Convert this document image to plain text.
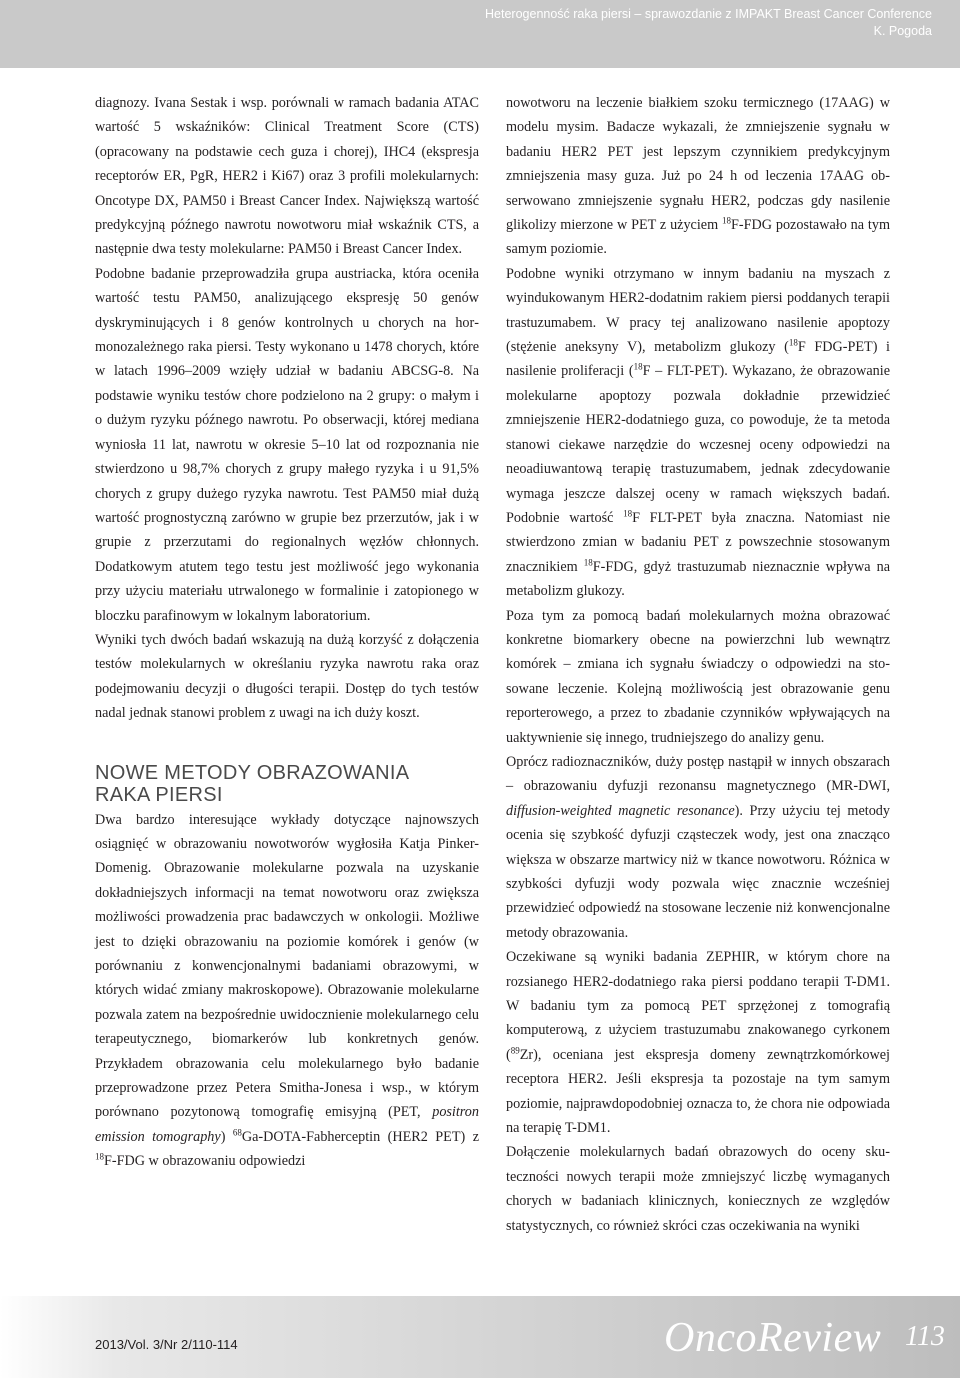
Heterogenność raka piersi – sprawozdanie z IMPAKT Breast Cancer Conference
K. Pogoda

diagnozy. Ivana Sestak i wsp. porównali w ramach badania ATAC wartość 5 wskaźników: Clinical Treatment Score (CTS) (opracowany na podstawie cech guza i chorej), IHC4 (ekspresja receptorów ER, PgR, HER2 i Ki67) oraz 3 profili molekularnych: Oncotype DX, PAM50 i Breast Cancer Index. Największą wartość predykcyjną późnego nawrotu nowotworu miał wskaźnik CTS, a następnie dwa testy molekularne: PAM50 i Breast Cancer Index.

Podobne badanie przeprowadziła grupa austriacka, która oceniła wartość testu PAM50, analizującego ekspresję 50 genów dyskryminujących i 8 genów kontrolnych u chorych na hormonozależnego raka piersi. Testy wykonano u 1478 chorych, które w latach 1996–2009 wzięły udział w badaniu ABCSG-8. Na podstawie wyniku testów chore podzielono na 2 grupy: o małym i o dużym ryzyku późnego nawrotu. Po obserwacji, której mediana wyniosła 11 lat, nawrotu w okresie 5–10 lat od rozpoznania nie stwierdzono u 98,7% chorych z grupy małego ryzyka i u 91,5% chorych z grupy dużego ryzyka nawrotu. Test PAM50 miał dużą wartość prognostyczną zarówno w grupie bez przerzutów, jak i w grupie z przerzutami do regionalnych węzłów chłonnych. Dodatkowym atutem tego testu jest możliwość jego wykonania przy użyciu materiału utrwalonego w formalinie i zatopionego w bloczku parafinowym w lokalnym laboratorium.

Wyniki tych dwóch badań wskazują na dużą korzyść z dołączenia testów molekularnych w określaniu ryzyka nawrotu raka oraz podejmowaniu decyzji o długości terapii. Dostęp do tych testów nadal jednak stanowi problem z uwagi na ich duży koszt.

NOWE METODY OBRAZOWANIA
RAKA PIERSI

Dwa bardzo interesujące wykłady dotyczące najnowszych osiągnięć w obrazowaniu nowotworów wygłosiła Katja Pinker-Domenig. Obrazowanie molekularne pozwala na uzyskanie dokładniejszych informacji na temat nowotworu oraz zwiększa możliwości prowadzenia prac badawczych w onkologii. Możliwe jest to dzięki obrazowaniu na poziomie komórek i genów (w porównaniu z konwencjonalnymi badaniami obrazowymi, w których widać zmiany makroskopowe). Obrazowanie molekularne pozwala zatem na bezpośrednie uwidocznienie molekularnego celu terapeutycznego, biomarkerów lub konkretnych genów. Przykładem obrazowania celu molekularnego było badanie przeprowadzone przez Petera Smitha-Jonesa i wsp., w którym porównano pozytonową tomografię emisyjną (PET, positron emission tomography) $^{68}$Ga-DOTA-Fabherceptin (HER2 PET) z $^{18}$F-FDG w obrazowaniu odpowiedzi

nowotworu na leczenie białkiem szoku termicznego (17AAG) w modelu mysim. Badacze wykazali, że zmniejszenie sygnału w badaniu HER2 PET jest lepszym czynnikiem predykcyjnym zmniejszenia masy guza. Już po 24 h od leczenia 17AAG obserwowano zmniejszenie sygnału HER2, podczas gdy nasilenie glikolizy mierzone w PET z użyciem $^{18}$F-FDG pozostawało na tym samym poziomie.

Podobne wyniki otrzymano w innym badaniu na myszach z wyindukowanym HER2-dodatnim rakiem piersi poddanych terapii trastuzumabem. W pracy tej analizowano nasilenie apoptozy (stężenie aneksyny V), metabolizm glukozy ($^{18}$F FDG-PET) i nasilenie proliferacji ($^{18}$F – FLT-PET). Wykazano, że obrazowanie molekularne apoptozy pozwala dokładnie przewidzieć zmniejszenie HER2-dodatniego guza, co powoduje, że ta metoda stanowi ciekawe narzędzie do wczesnej oceny odpowiedzi na neoadiuwantową terapię trastuzumabem, jednak zdecydowanie wymaga jeszcze dalszej oceny w ramach większych badań. Podobnie wartość $^{18}$F FLT-PET była znaczna. Natomiast nie stwierdzono zmian w badaniu PET z powszechnie stosowanym znacznikiem $^{18}$F-FDG, gdyż trastuzumab nieznacznie wpływa na metabolizm glukozy.

Poza tym za pomocą badań molekularnych można obrazować konkretne biomarkery obecne na powierzchni lub wewnątrz komórek – zmiana ich sygnału świadczy o odpowiedzi na stosowane leczenie. Kolejną możliwością jest obrazowanie genu reporterowego, a przez to zbadanie czynników wpływających na uaktywnienie się innego, trudniejszego do analizy genu.

Oprócz radioznaczników, duży postęp nastąpił w innych obszarach – obrazowaniu dyfuzji rezonansu magnetycznego (MR-DWI, diffusion-weighted magnetic resonance). Przy użyciu tej metody ocenia się szybkość dyfuzji cząsteczek wody, jest ona znacząco większa w obszarze martwicy niż w tkance nowotworu. Różnica w szybkości dyfuzji wody pozwala więc znacznie wcześniej przewidzieć odpowiedź na stosowane leczenie niż konwencjonalne metody obrazowania.

Oczekiwane są wyniki badania ZEPHIR, w którym chore na rozsianego HER2-dodatniego raka piersi poddano terapii T-DM1. W badaniu tym za pomocą PET sprzężonej z tomografią komputerową, z użyciem trastuzumabu znakowanego cyrkonem ($^{89}$Zr), oceniana jest ekspresja domeny zewnątrzkomórkowej receptora HER2. Jeśli ekspresja ta pozostaje na tym samym poziomie, najprawdopodobniej oznacza to, że chora nie odpowiada na terapię T-DM1.

Dołączenie molekularnych badań obrazowych do oceny skuteczności nowych terapii może zmniejszyć liczbę wymaganych chorych w badaniach klinicznych, koniecznych ze względów statystycznych, co również skróci czas oczekiwania na wyniki

2013/Vol. 3/Nr 2/110-114	OncoReview 113
